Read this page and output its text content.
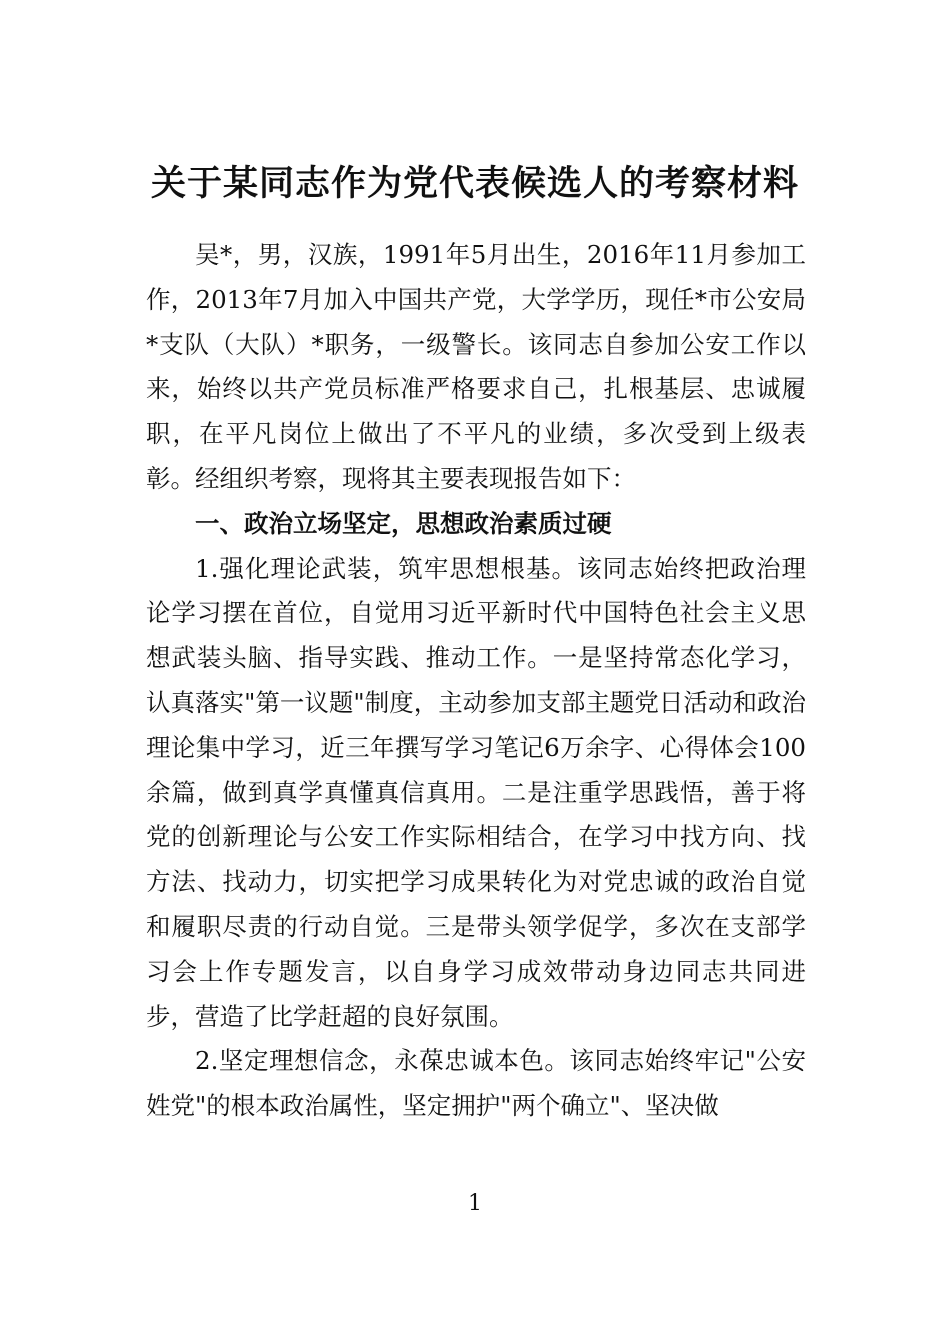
关于某同志作为党代表候选人的考察材料

吴*，男，汉族，1991年5月出生，2016年11月参加工作，2013年7月加入中国共产党，大学学历，现任*市公安局*支队（大队）*职务，一级警长。该同志自参加公安工作以来，始终以共产党员标准严格要求自己，扎根基层、忠诚履职，在平凡岗位上做出了不平凡的业绩，多次受到上级表彰。经组织考察，现将其主要表现报告如下：

一、政治立场坚定，思想政治素质过硬

1.强化理论武装，筑牢思想根基。该同志始终把政治理论学习摆在首位，自觉用习近平新时代中国特色社会主义思想武装头脑、指导实践、推动工作。一是坚持常态化学习，认真落实"第一议题"制度，主动参加支部主题党日活动和政治理论集中学习，近三年撰写学习笔记6万余字、心得体会100余篇，做到真学真懂真信真用。二是注重学思践悟，善于将党的创新理论与公安工作实际相结合，在学习中找方向、找方法、找动力，切实把学习成果转化为对党忠诚的政治自觉和履职尽责的行动自觉。三是带头领学促学，多次在支部学习会上作专题发言，以自身学习成效带动身边同志共同进步，营造了比学赶超的良好氛围。

2.坚定理想信念，永葆忠诚本色。该同志始终牢记"公安姓党"的根本政治属性，坚定拥护"两个确立"、坚决做

1
